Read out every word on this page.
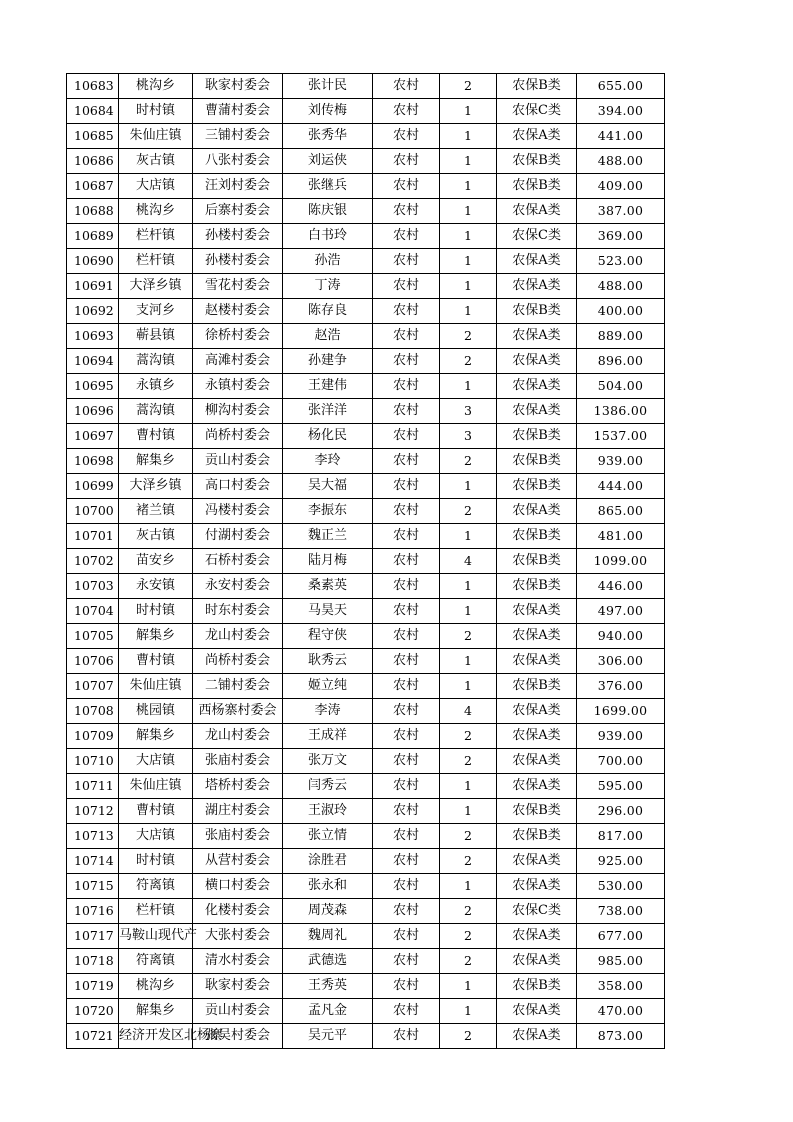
10683	桃沟乡	耿家村委会	张计民	农村	2	农保B类	655.00
10684	时村镇	曹蒲村委会	刘传梅	农村	1	农保C类	394.00
10685	朱仙庄镇	三铺村委会	张秀华	农村	1	农保A类	441.00
10686	灰古镇	八张村委会	刘运侠	农村	1	农保B类	488.00
10687	大店镇	汪刘村委会	张继兵	农村	1	农保B类	409.00
10688	桃沟乡	后寨村委会	陈庆银	农村	1	农保A类	387.00
10689	栏杆镇	孙楼村委会	白书玲	农村	1	农保C类	369.00
10690	栏杆镇	孙楼村委会	孙浩	农村	1	农保A类	523.00
10691	大泽乡镇	雪花村委会	丁涛	农村	1	农保A类	488.00
10692	支河乡	赵楼村委会	陈存良	农村	1	农保B类	400.00
10693	蕲县镇	徐桥村委会	赵浩	农村	2	农保A类	889.00
10694	蒿沟镇	高滩村委会	孙建争	农村	2	农保A类	896.00
10695	永镇乡	永镇村委会	王建伟	农村	1	农保A类	504.00
10696	蒿沟镇	柳沟村委会	张洋洋	农村	3	农保A类	1386.00
10697	曹村镇	尚桥村委会	杨化民	农村	3	农保B类	1537.00
10698	解集乡	贡山村委会	李玲	农村	2	农保B类	939.00
10699	大泽乡镇	高口村委会	吴大福	农村	1	农保B类	444.00
10700	褚兰镇	冯楼村委会	李振东	农村	2	农保A类	865.00
10701	灰古镇	付湖村委会	魏正兰	农村	1	农保B类	481.00
10702	苗安乡	石桥村委会	陆月梅	农村	4	农保B类	1099.00
10703	永安镇	永安村委会	桑素英	农村	1	农保B类	446.00
10704	时村镇	时东村委会	马昊天	农村	1	农保A类	497.00
10705	解集乡	龙山村委会	程守侠	农村	2	农保A类	940.00
10706	曹村镇	尚桥村委会	耿秀云	农村	1	农保A类	306.00
10707	朱仙庄镇	二铺村委会	姬立纯	农村	1	农保B类	376.00
10708	桃园镇	西杨寨村委会	李涛	农村	4	农保A类	1699.00
10709	解集乡	龙山村委会	王成祥	农村	2	农保A类	939.00
10710	大店镇	张庙村委会	张万文	农村	2	农保A类	700.00
10711	朱仙庄镇	塔桥村委会	闫秀云	农村	1	农保A类	595.00
10712	曹村镇	湖庄村委会	王淑玲	农村	1	农保B类	296.00
10713	大店镇	张庙村委会	张立情	农村	2	农保B类	817.00
10714	时村镇	从营村委会	涂胜君	农村	2	农保A类	925.00
10715	符离镇	横口村委会	张永和	农村	1	农保A类	530.00
10716	栏杆镇	化楼村委会	周茂森	农村	2	农保C类	738.00
10717	马鞍山现代产	大张村委会	魏周礼	农村	2	农保A类	677.00
10718	符离镇	清水村委会	武德选	农村	2	农保A类	985.00
10719	桃沟乡	耿家村委会	王秀英	农村	1	农保B类	358.00
10720	解集乡	贡山村委会	孟凡金	农村	1	农保A类	470.00
10721	经济开发区北杨寨	张吴村委会	吴元平	农村	2	农保A类	873.00
